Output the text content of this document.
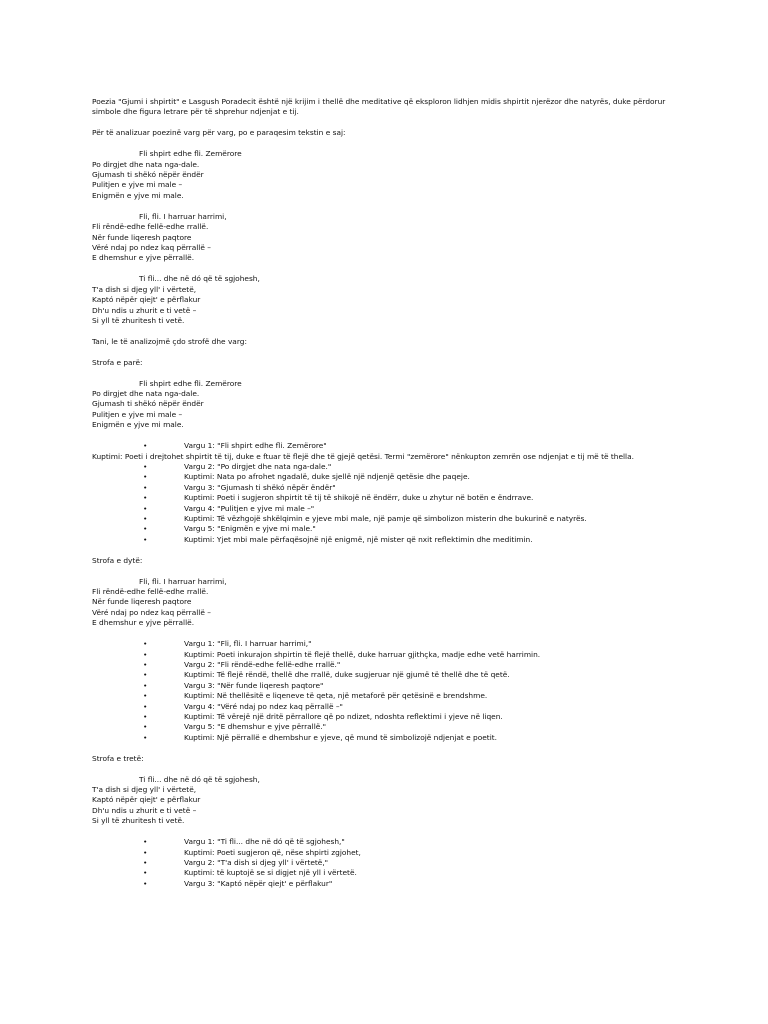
Poezia "Gjumi i shpirtit" e Lasgush Poradecit është një krijim i thellë dhe meditative që eksploron lidhjen midis shpirtit njerëzor dhe natyrës, duke përdorur simbole dhe figura letrare për të shprehur ndjenjat e tij.

Për të analizuar poezinë varg për varg, po e paraqesim tekstin e saj:

Fli shpirt edhe fli. Zemërore

Po dirgjet dhe nata nga-dale.

Gjumash ti shëkó nëpër ëndër

Pulitjen e yjve mi male –

Enigmën e yjve mi male.

Fli, fli. I harruar harrimi,

Fli rëndë-edhe fellë-edhe rrallë.

Nër funde liqeresh paqtore

Vëré ndaj po ndez kaq përrallë –

E dhemshur e yjve përrallë.

Ti fli... dhe në dó që të sgjohesh,

T'a dish si djeg yll' i vërtetë,

Kaptó nëpër qiejt' e përflakur

Dh'u ndis u zhurit e ti vetë –

Si yll të zhuritesh ti vetë.

Tani, le të analizojmë çdo strofë dhe varg:

Strofa e parë:

Fli shpirt edhe fli. Zemërore

Po dirgjet dhe nata nga-dale.

Gjumash ti shëkó nëpër ëndër

Pulitjen e yjve mi male –

Enigmën e yjve mi male.

•	Vargu 1: "Fli shpirt edhe fli. Zemërore"
Kuptimi: Poeti i drejtohet shpirtit të tij, duke e ftuar të flejë dhe të gjejë qetësi. Termi "zemërore" nënkupton zemrën ose ndjenjat e tij më të thella.
•	Vargu 2: "Po dirgjet dhe nata nga-dale."
•	Kuptimi: Nata po afrohet ngadalë, duke sjellë një ndjenjë qetësie dhe paqeje.
•	Vargu 3: "Gjumash ti shëkó nëpër ëndër"
•	Kuptimi: Poeti i sugjeron shpirtit të tij të shikojë në ëndërr, duke u zhytur në botën e ëndrrave.
•	Vargu 4: "Pulitjen e yjve mi male –"
•	Kuptimi: Të vëzhgojë shkëlqimin e yjeve mbi male, një pamje që simbolizon misterin dhe bukurinë e natyrës.
•	Vargu 5: "Enigmën e yjve mi male."
•	Kuptimi: Yjet mbi male përfaqësojnë një enigmë, një mister që nxit reflektimin dhe meditimin.

Strofa e dytë:

Fli, fli. I harruar harrimi,

Fli rëndë-edhe fellë-edhe rrallë.

Nër funde liqeresh paqtore

Vëré ndaj po ndez kaq përrallë –

E dhemshur e yjve përrallë.

•	Vargu 1: "Fli, fli. I harruar harrimi,"
•	Kuptimi: Poeti inkurajon shpirtin të flejë thellë, duke harruar gjithçka, madje edhe vetë harrimin.
•	Vargu 2: "Fli rëndë-edhe fellë-edhe rrallë."
•	Kuptimi: Të flejë rëndë, thellë dhe rrallë, duke sugjeruar një gjumë të thellë dhe të qetë.
•	Vargu 3: "Nër funde liqeresh paqtore"
•	Kuptimi: Në thellësitë e liqeneve të qeta, një metaforë për qetësinë e brendshme.
•	Vargu 4: "Vëré ndaj po ndez kaq përrallë –"
•	Kuptimi: Të vërejë një dritë përrallore që po ndizet, ndoshta reflektimi i yjeve në liqen.
•	Vargu 5: "E dhemshur e yjve përrallë."
•	Kuptimi: Një përrallë e dhembshur e yjeve, që mund të simbolizojë ndjenjat e poetit.

Strofa e tretë:

Ti fli... dhe në dó që të sgjohesh,

T'a dish si djeg yll' i vërtetë,

Kaptó nëpër qiejt' e përflakur

Dh'u ndis u zhurit e ti vetë –

Si yll të zhuritesh ti vetë.

•	Vargu 1: "Ti fli... dhe në dó që të sgjohesh,"
•	Kuptimi: Poeti sugjeron që, nëse shpirti zgjohet,
•	Vargu 2: "T'a dish si djeg yll' i vërtetë,"
•	Kuptimi: të kuptojë se si digjet një yll i vërtetë.
•	Vargu 3: "Kaptó nëpër qiejt' e përflakur"
